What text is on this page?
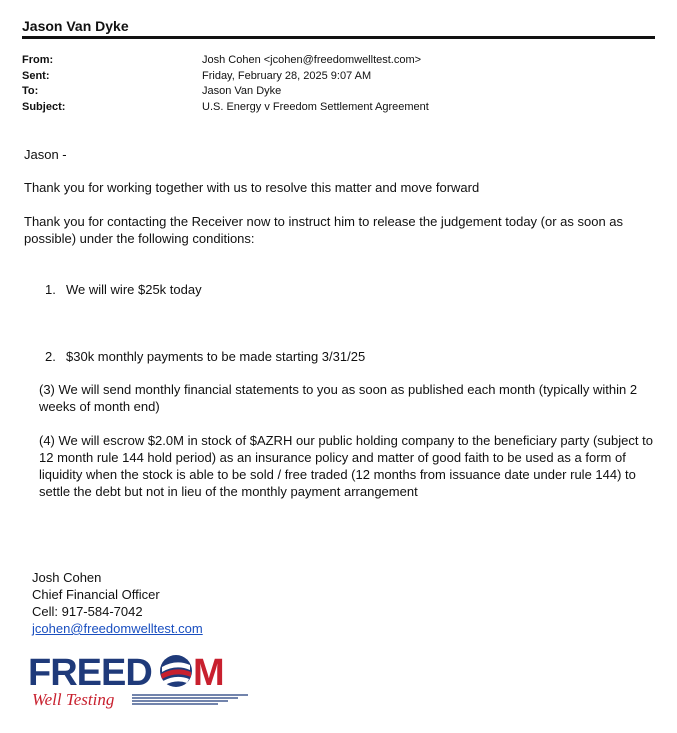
Jason Van Dyke
From:	Josh Cohen <jcohen@freedomwelltest.com>
Sent:	Friday, February 28, 2025 9:07 AM
To:	Jason Van Dyke
Subject:	U.S. Energy v Freedom Settlement Agreement
Jason -
Thank you for working together with us to resolve this matter and move forward
Thank you for contacting the Receiver now to instruct him to release the judgement today (or as soon as possible) under the following conditions:
1. We will wire $25k today
2. $30k monthly payments to be made starting 3/31/25
(3) We will send monthly financial statements to you as soon as published each month (typically within 2 weeks of month end)
(4) We will escrow $2.0M in stock of $AZRH our public holding company to the beneficiary party (subject to 12 month rule 144 hold period) as an insurance policy and matter of good faith to be used as a form of liquidity when the stock is able to be sold / free traded (12 months from issuance date under rule 144) to settle the debt but not in lieu of the monthly payment arrangement
Josh Cohen
Chief Financial Officer
Cell: 917-584-7042
jcohen@freedomwelltest.com
FREED M
Well Testing
